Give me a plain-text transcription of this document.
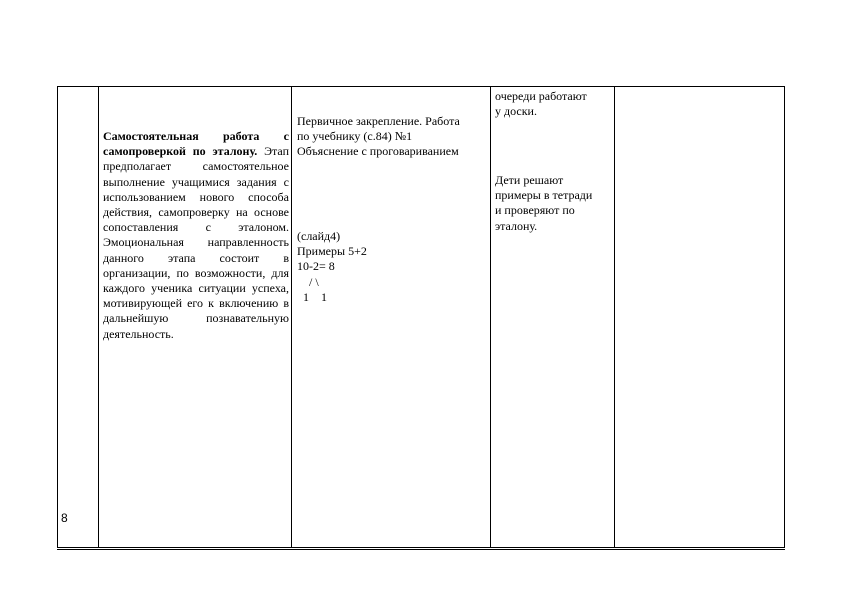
8
Самостоятельная работа с самопроверкой по эталону. Этап предполагает самостоятельное выполнение учащимися задания с использованием нового способа действия, самопроверку на основе сопоставления с эталоном. Эмоциональная направленность данного этапа состоит в организации, по возможности, для каждого ученика ситуации успеха, мотивирующей его к включению в дальнейшую познавательную деятельность.
Первичное закрепление. Работа
по учебнику (с.84) №1
Объяснение с проговариванием
(слайд4)
Примеры 5+2
10-2= 8
/ \
1    1
очереди работают
у доски.
Дети решают
примеры в тетради
и проверяют по
эталону.
